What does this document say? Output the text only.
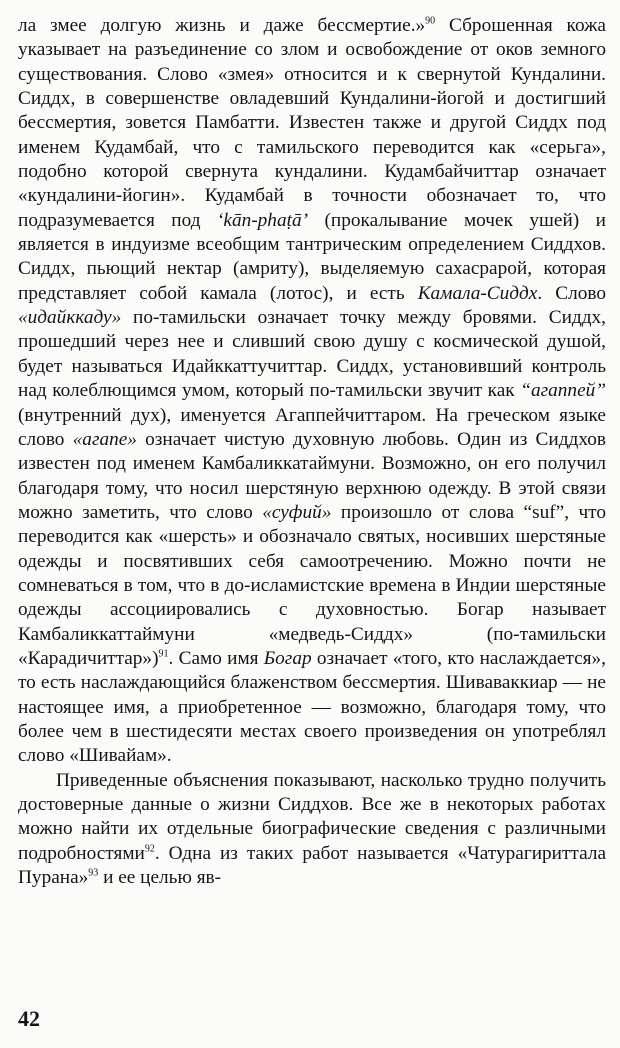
ла змее долгую жизнь и даже бессмертие.»$^{90}$ Сброшенная кожа указывает на разъединение со злом и освобождение от оков земного существования. Слово «змея» относится и к свернутой Кундалини. Сиддх, в совершенстве овладевший Кундалини-йогой и достигший бессмертия, зовется Памбатти. Известен также и другой Сиддх под именем Кудамбай, что с тамильского переводится как «серьга», подобно которой свернута кундалини. Кудамбайчиттар означает «кундалини-йогин». Кудамбай в точности обозначает то, что подразумевается под ‘kān-phaṭā’ (прокалывание мочек ушей) и является в индуизме всеобщим тантрическим определением Сиддхов. Сиддх, пьющий нектар (амриту), выделяемую сахасрарой, которая представляет собой камала (лотос), и есть Камала-Сиддх. Слово «идайккаду» по-тамильски означает точку между бровями. Сиддх, прошедший через нее и сливший свою душу с космической душой, будет называться Идайккаттучиттар. Сиддх, установивший контроль над колеблющимся умом, который по-тамильски звучит как “агаппей” (внутренний дух), именуется Агаппейчиттаром. На греческом языке слово «агапе» означает чистую духовную любовь. Один из Сиддхов известен под именем Камбаликкатаймуни. Возможно, он его получил благодаря тому, что носил шерстяную верхнюю одежду. В этой связи можно заметить, что слово «суфий» произошло от слова “suf”, что переводится как «шерсть» и обозначало святых, носивших шерстяные одежды и посвятивших себя самоотречению. Можно почти не сомневаться в том, что в до-исламистские времена в Индии шерстяные одежды ассоциировались с духовностью. Богар называет Камбаликкаттаймуни «медведь-Сиддх» (по-тамильски «Карадичиттар»)$^{91}$. Само имя Богар означает «того, кто наслаждается», то есть наслаждающийся блаженством бессмертия. Шиваваккиар — не настоящее имя, а приобретенное — возможно, благодаря тому, что более чем в шестидесяти местах своего произведения он употреблял слово «Шивайам».

Приведенные объяснения показывают, насколько трудно получить достоверные данные о жизни Сиддхов. Все же в некоторых работах можно найти их отдельные биографические сведения с различными подробностями$^{92}$. Одна из таких работ называется «Чатурагириттала Пурана»$^{93}$ и ее целью яв-

42
